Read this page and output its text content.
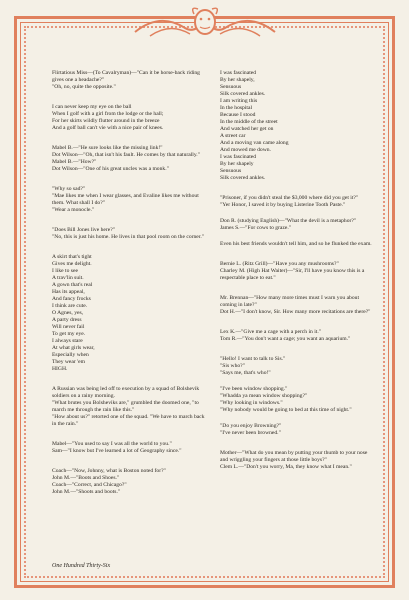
Flirtatious Miss—(To Cavalryman)—"Can it be horse-back riding gives one a headache?"
"Oh, no, quite the opposite."

I can never keep my eye on the ball
When I golf with a girl from the lodge or the hall;
For her skirts wildly flutter around in the breeze
And a golf ball can't vie with a nice pair of knees.

Mabel B.—"He sure looks like the missing link!"
Dot Wilson—"Oh, that isn't his fault. He comes by that naturally."
Mabel B.—"How?"
Dot Wilson—"One of his great uncles was a monk."

"Why so sad?"
"Mae likes me when I wear glasses, and Evaline likes me without them. What shall I do?"
"Wear a monocle."

"Does Bill Jones live here?"
"No, this is just his home. He lives in that pool room on the corner."

A skirt that's tight
Gives me delight.
I like to see
A trav'lin suit.
A gown that's real
Has its appeal,
And fancy frocks
I think are cute.
O Agnes, yes,
A party dress
Will never fail
To get my eye.
I always stare
At what girls wear,
Especially when
They wear 'em
HIGH.

A Russian was being led off to execution by a squad of Bolshevik soldiers on a rainy morning.
"What brutes you Bolsheviks are," grumbled the doomed one, "to march me through the rain like this."
"How about us?" retorted one of the squad. "We have to march back in the rain."

Mabel—"You used to say I was all the world to you."
Sam—"I know but I've learned a lot of Geography since."

Coach—"Now, Johnny, what is Boston noted for?"
John M.—"Boots and Shoes."
Coach—"Correct, and Chicago?"
John M.—"Shoots and boots."

I was fascinated
By her shapely,
Sensuous
Silk covered ankles.
I am writing this
In the hospital
Because I stood
In the middle of the street
And watched her get on
A street car
And a moving van came along
And mowed me down.
I was fascinated
By her shapely
Sensuous
Silk covered ankles.

"Prisoner, if you didn't steal the $3,000 where did you get it?"
"Yer Honor, I saved it by buying Listerine Tooth Paste."

Don R. (studying English)—"What the devil is a metaphor?"
James S.—"For cows to graze."

Even his best friends wouldn't tell him, and so he flunked the exam.

Bernie L. (Ritz Grill)—"Have you any mushrooms?"
Charley M. (High Hat Waiter)—"Sir, I'll have you know this is a respectable place to eat."

Mr. Brennan—"How many more times must I warn you about coming in late?"
Dot H.—"I don't know, Sir. How many more recitations are there?"

Lex K.—"Give me a cage with a perch in it."
Tom R.—"You don't want a cage; you want an aquarium."

"Hello! I want to talk to Sis."
"Sis who?"
"Says me, that's who!"

"I've been window shopping."
"Whadda ya mean window shopping?"
"Why looking in windows."
"Why nobody would be going to bed at this time of night."

"Do you enjoy Browning?"
"I've never been browned."

Mother—"What do you mean by putting your thumb to your nose and wriggling your fingers at those little boys?"
Clem L.—"Don't you worry, Ma, they know what I mean."

One Hundred Thirty-Six
